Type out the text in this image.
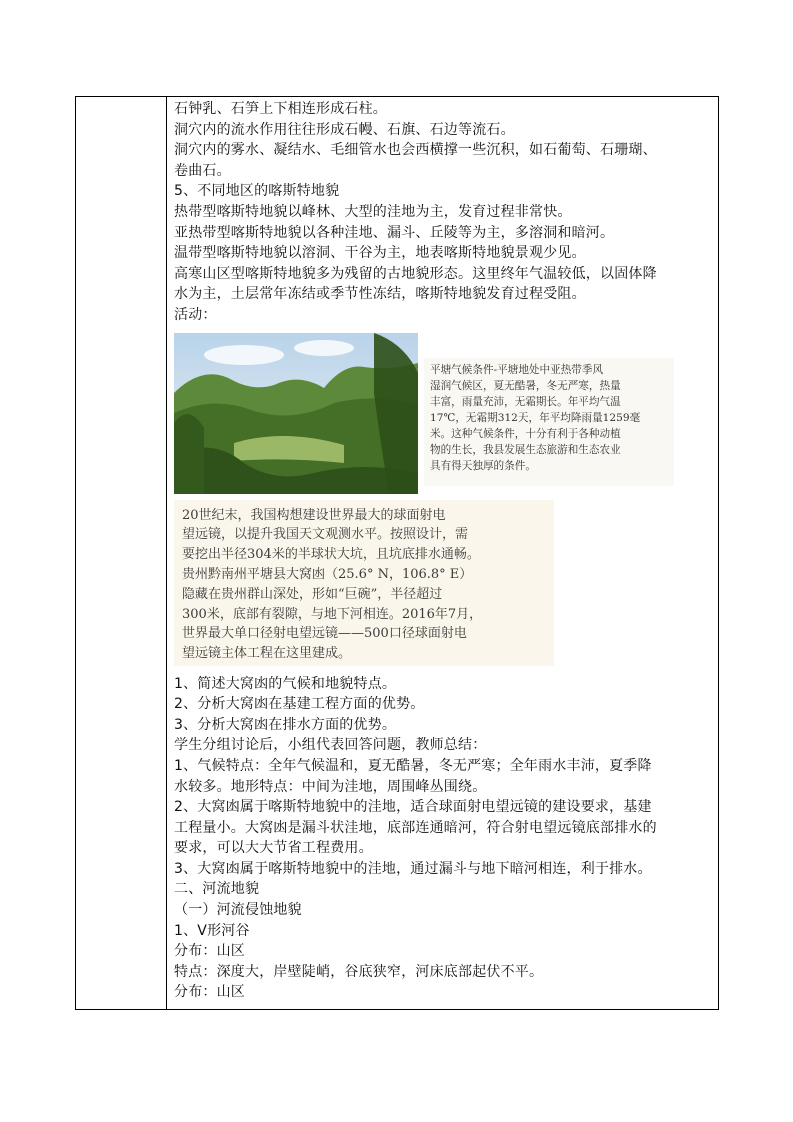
石钟乳、石笋上下相连形成石柱。
洞穴内的流水作用往往形成石幔、石旗、石边等流石。
洞穴内的雾水、凝结水、毛细管水也会西横撑一些沉积，如石葡萄、石珊瑚、
卷曲石。
5、不同地区的喀斯特地貌
热带型喀斯特地貌以峰林、大型的洼地为主，发育过程非常快。
亚热带型喀斯特地貌以各种洼地、漏斗、丘陵等为主，多溶洞和暗河。
温带型喀斯特地貌以溶洞、干谷为主，地表喀斯特地貌景观少见。
高寒山区型喀斯特地貌多为残留的古地貌形态。这里终年气温较低，以固体降
水为主，土层常年冻结或季节性冻结，喀斯特地貌发育过程受阻。
活动：
平塘气候条件-平塘地处中亚热带季风
湿润气候区，夏无酷暑，冬无严寒，热量
丰富，雨量充沛，无霜期长。年平均气温
17℃，无霜期312天，年平均降雨量1259毫
米。这种气候条件，十分有利于各种动植
物的生长，我县发展生态旅游和生态农业
具有得天独厚的条件。
20世纪末，我国构想建设世界最大的球面射电
望远镜，以提升我国天文观测水平。按照设计，需
要挖出半径304米的半球状大坑，且坑底排水通畅。
贵州黔南州平塘县大窝凼（25.6° N，106.8° E）
隐藏在贵州群山深处，形如“巨碗”，半径超过
300米，底部有裂隙，与地下河相连。2016年7月，
世界最大单口径射电望远镜——500口径球面射电
望远镜主体工程在这里建成。
1、简述大窝凼的气候和地貌特点。
2、分析大窝凼在基建工程方面的优势。
3、分析大窝凼在排水方面的优势。
学生分组讨论后，小组代表回答问题，教师总结：
1、气候特点：全年气候温和，夏无酷暑，冬无严寒；全年雨水丰沛，夏季降
水较多。地形特点：中间为洼地，周围峰丛围绕。
2、大窝凼属于喀斯特地貌中的洼地，适合球面射电望远镜的建设要求，基建
工程量小。大窝凼是漏斗状洼地，底部连通暗河，符合射电望远镜底部排水的
要求，可以大大节省工程费用。
3、大窝凼属于喀斯特地貌中的洼地，通过漏斗与地下暗河相连，利于排水。
二、河流地貌
（一）河流侵蚀地貌
1、V形河谷
分布：山区
特点：深度大，岸壁陡峭，谷底狭窄，河床底部起伏不平。
分布：山区
